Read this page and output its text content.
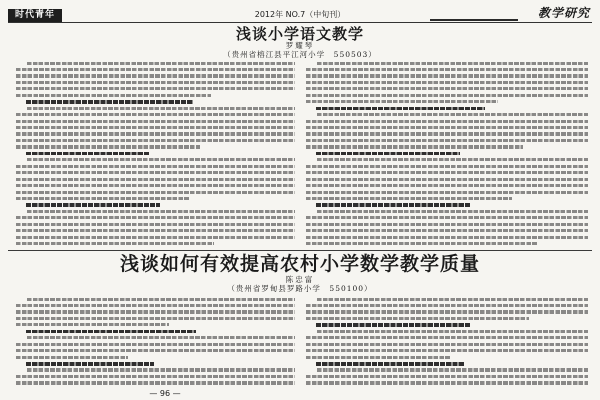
时代青年	2012年 NO.7（中旬刊）	教学研究
浅谈小学语文教学
罗耀琴
（贵州省榕江县平江河小学　550503）
浅谈如何有效提高农村小学数学教学质量
陈忠富
（贵州省罗甸县罗路小学　550100）
— 96 —
